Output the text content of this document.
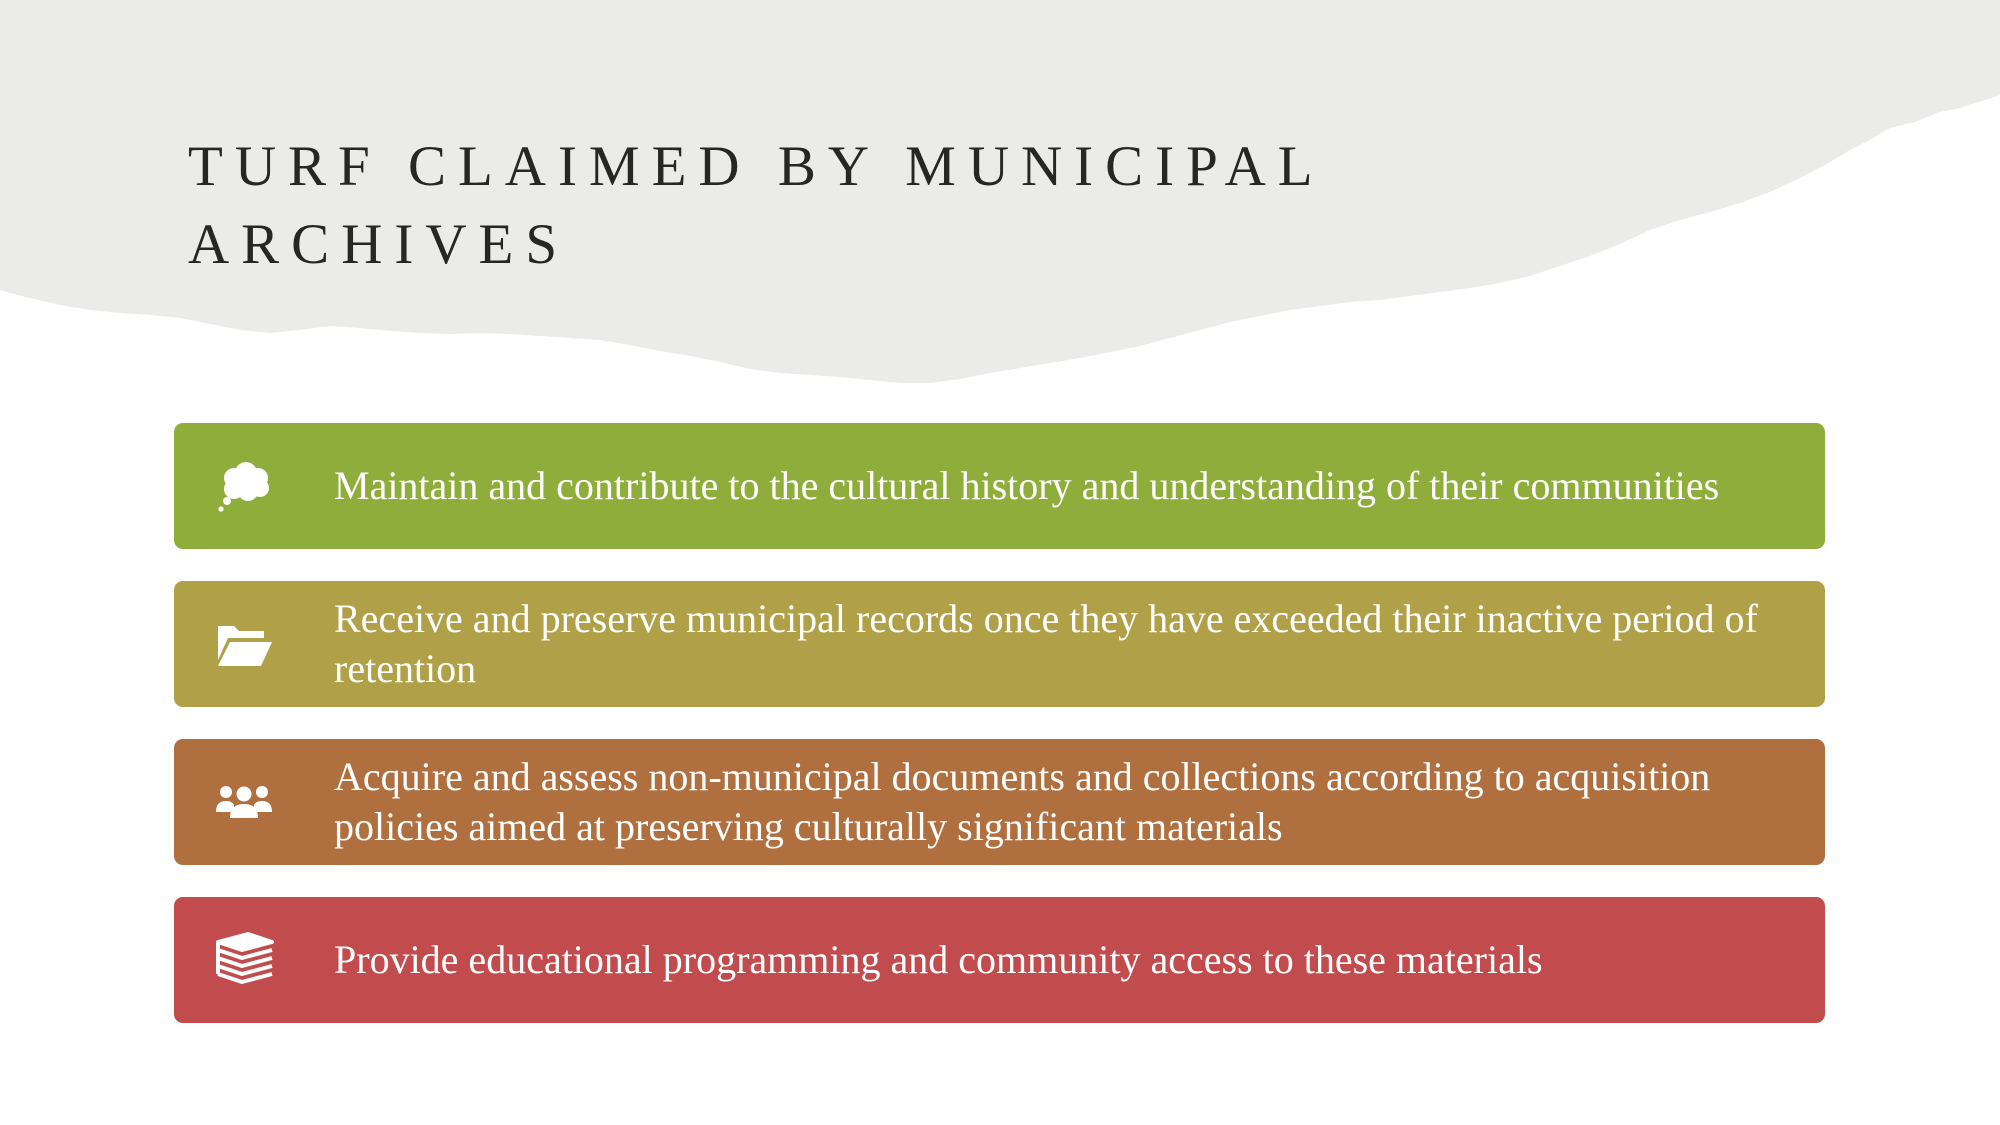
TURF CLAIMED BY MUNICIPAL ARCHIVES
Maintain and contribute to the cultural history and understanding of their communities
Receive and preserve municipal records once they have exceeded their inactive period of retention
Acquire and assess non-municipal documents and collections according to acquisition policies aimed at preserving culturally significant materials
Provide educational programming and community access to these materials
